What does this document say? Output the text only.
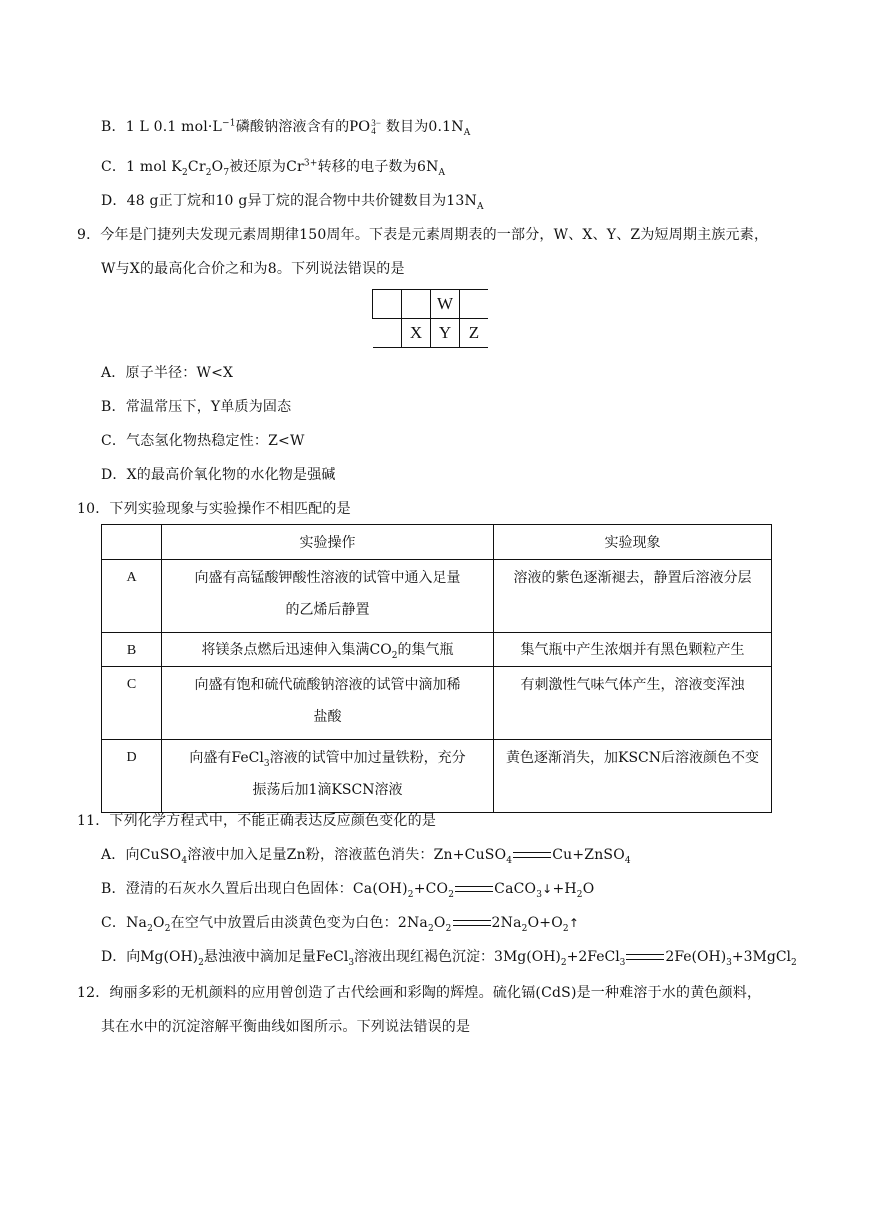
B．1 L 0.1 $mol\cdot L^{-1}$磷酸钠溶液含有的PO3−
4 数目为$0.1N_A$
C．1 mol $K_2Cr_2O_7$被还原为$Cr^{3+}$转移的电子数为$6N_A$
D．48 g正丁烷和10 g异丁烷的混合物中共价键数目为$13N_A$
9．今年是门捷列夫发现元素周期律150周年。下表是元素周期表的一部分，W、X、Y、Z为短周期主族元素，
W与X的最高化合价之和为8。下列说法错误的是
		W	
	X	Y	Z
A．原子半径：W<X
B．常温常压下，Y单质为固态
C．气态氢化物热稳定性：Z<W
D．X的最高价氧化物的水化物是强碱
10．下列实验现象与实验操作不相匹配的是
	实验操作	实验现象
A	向盛有高锰酸钾酸性溶液的试管中通入足量
的乙烯后静置	溶液的紫色逐渐褪去，静置后溶液分层

B	将镁条点燃后迅速伸入集满$CO_2$的集气瓶	集气瓶中产生浓烟并有黑色颗粒产生

C	向盛有饱和硫代硫酸钠溶液的试管中滴加稀
盐酸	有刺激性气味气体产生，溶液变浑浊

D	向盛有FeCl$_3$溶液的试管中加过量铁粉，充分
振荡后加1滴KSCN溶液	黄色逐渐消失，加KSCN后溶液颜色不变
11．下列化学方程式中，不能正确表达反应颜色变化的是
A．向CuSO$_4$溶液中加入足量Zn粉，溶液蓝色消失：Zn+CuSO$_4$	Cu+ZnSO$_4$
B．澄清的石灰水久置后出现白色固体：$Ca(OH)_2+CO_2$	$CaCO_3↓+H_2O$
C．$Na_2O_2$在空气中放置后由淡黄色变为白色：$2Na_2O_2$	$2Na_2O+O_2↑$
D．向$Mg(OH)_2$悬浊液中滴加足量FeCl$_3$溶液出现红褐色沉淀：$3Mg(OH)_2+2FeCl_3$	$2Fe(OH)_3+3MgCl_2$
12．绚丽多彩的无机颜料的应用曾创造了古代绘画和彩陶的辉煌。硫化镉(CdS)是一种难溶于水的黄色颜料，
其在水中的沉淀溶解平衡曲线如图所示。下列说法错误的是
